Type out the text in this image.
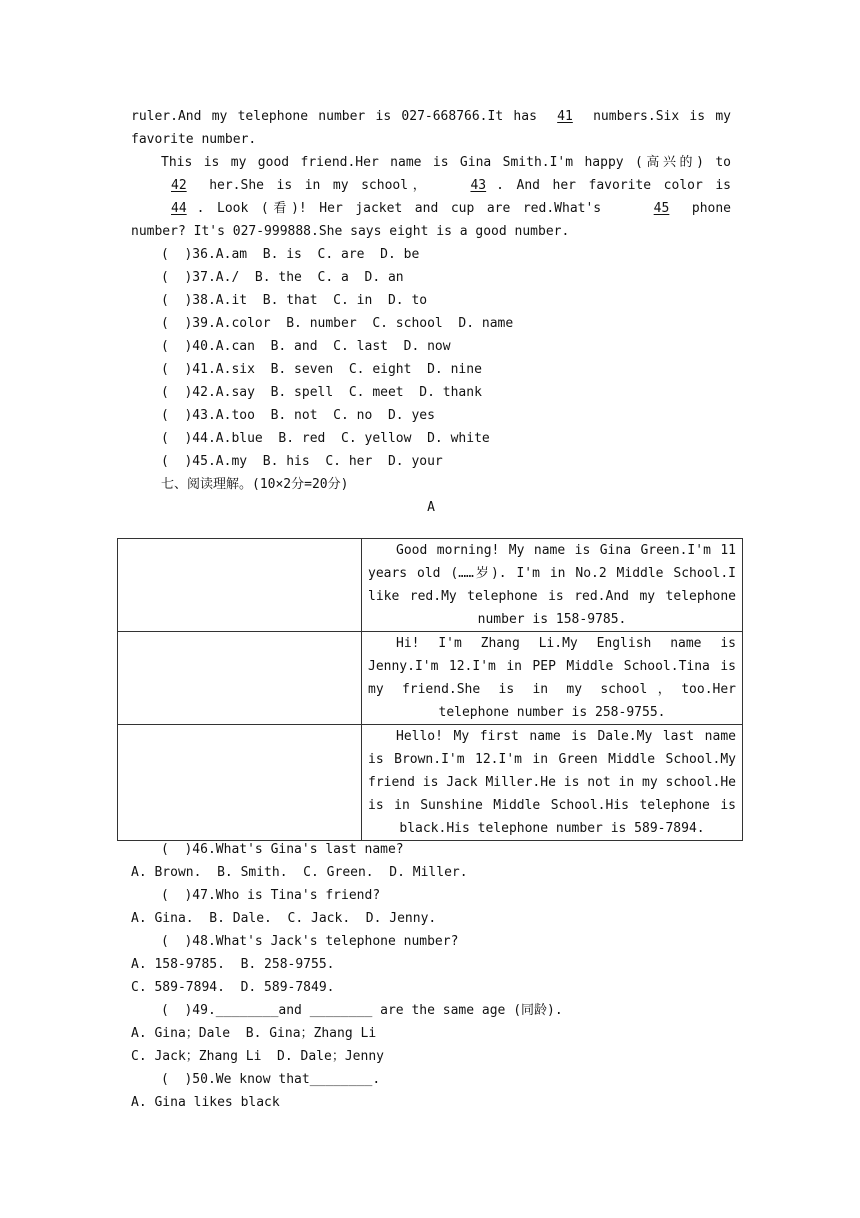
ruler.And my telephone number is 027-668766.It has 41 numbers.Six is my favorite number.

This is my good friend.Her name is Gina Smith.I'm happy (高兴的) to 42 her.She is in my school，	43 . And her favorite color is 44 . Look (看)! Her jacket and cup are red.What's	45 phone number? It's 027-999888.She says eight is a good number.

(  )36.A.am  B. is  C. are  D. be

(  )37.A./  B. the  C. a  D. an

(  )38.A.it  B. that  C. in  D. to

(  )39.A.color  B. number  C. school  D. name

(  )40.A.can  B. and  C. last  D. now

(  )41.A.six  B. seven  C. eight  D. nine

(  )42.A.say  B. spell  C. meet  D. thank

(  )43.A.too  B. not  C. no  D. yes

(  )44.A.blue  B. red  C. yellow  D. white

(  )45.A.my  B. his  C. her  D. your

七、阅读理解。(10×2分=20分)

A

	Good morning! My name is Gina Green.I'm 11 years old (……岁). I'm in No.2 Middle School.I like red.My telephone is red.And my telephone number is 158-9785.

	Hi! I'm Zhang Li.My English name is Jenny.I'm 12.I'm in PEP Middle School.Tina is my friend.She is in my school，too.Her telephone number is 258-9755.

	Hello! My first name is Dale.My last name is Brown.I'm 12.I'm in Green Middle School.My friend is Jack Miller.He is not in my school.He is in Sunshine Middle School.His telephone is black.His telephone number is 589-7894.

(  )46.What's Gina's last name?

A. Brown.  B. Smith.  C. Green.  D. Miller.

(  )47.Who is Tina's friend?

A. Gina.  B. Dale.  C. Jack.  D. Jenny.

(  )48.What's Jack's telephone number?

A. 158-9785.  B. 258-9755.

C. 589-7894.  D. 589-7849.

(  )49.________and ________ are the same age (同龄).

A. Gina；Dale  B. Gina；Zhang Li

C. Jack；Zhang Li  D. Dale；Jenny

(  )50.We know that________.

A. Gina likes black
